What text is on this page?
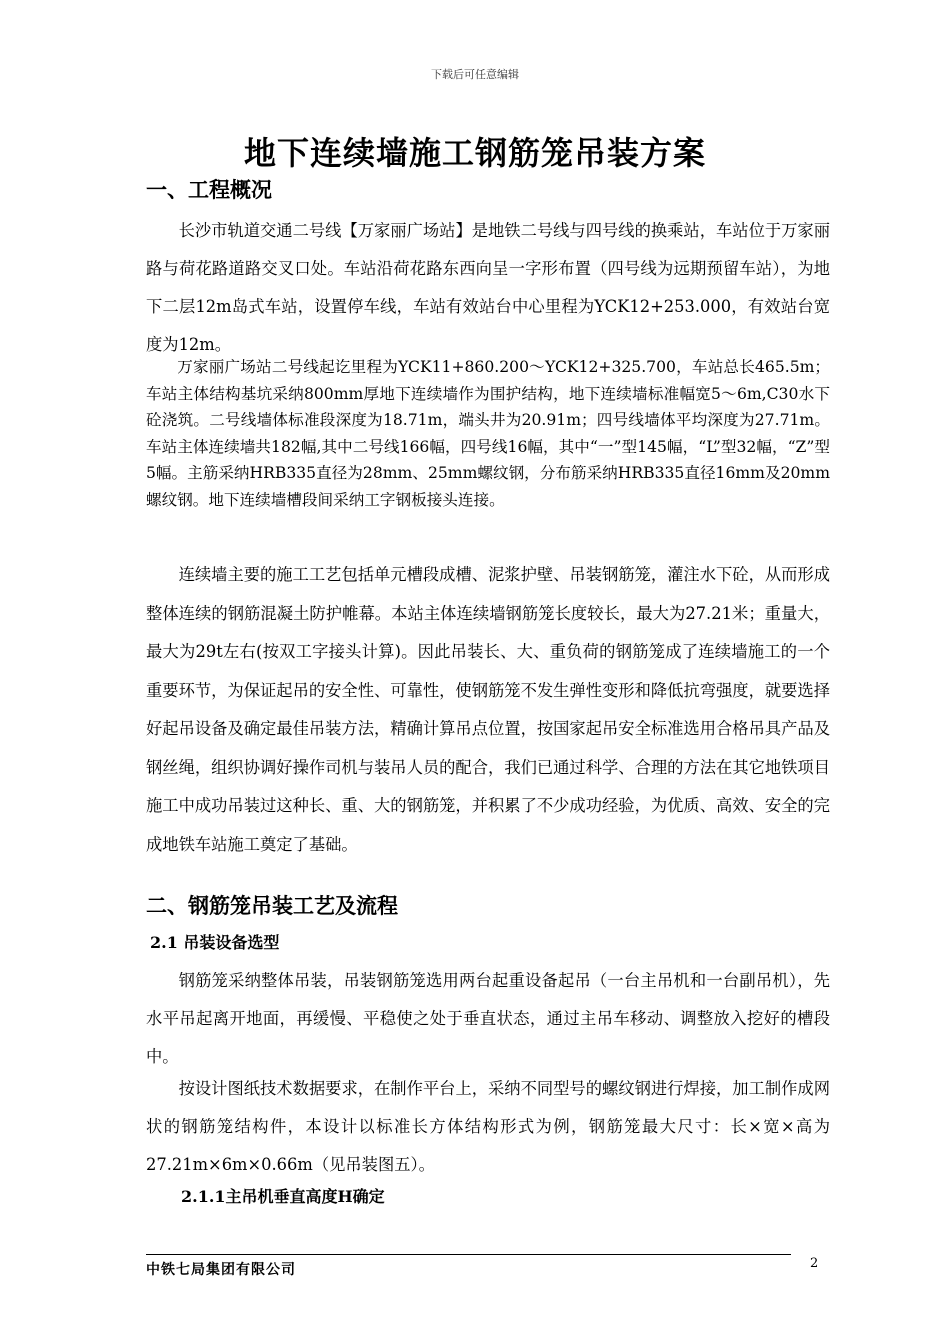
下载后可任意编辑
地下连续墙施工钢筋笼吊装方案
一、工程概况
长沙市轨道交通二号线【万家丽广场站】是地铁二号线与四号线的换乘站，车站位于万家丽路与荷花路道路交叉口处。车站沿荷花路东西向呈一字形布置（四号线为远期预留车站），为地下二层12m岛式车站，设置停车线，车站有效站台中心里程为YCK12+253.000，有效站台宽度为12m。
万家丽广场站二号线起讫里程为YCK11+860.200～YCK12+325.700，车站总长465.5m；车站主体结构基坑采纳800mm厚地下连续墙作为围护结构，地下连续墙标准幅宽5～6m,C30水下砼浇筑。二号线墙体标准段深度为18.71m，端头井为20.91m；四号线墙体平均深度为27.71m。车站主体连续墙共182幅,其中二号线166幅，四号线16幅，其中“一”型145幅，“L”型32幅，“Z”型5幅。主筋采纳HRB335直径为28mm、25mm螺纹钢，分布筋采纳HRB335直径16mm及20mm螺纹钢。地下连续墙槽段间采纳工字钢板接头连接。
连续墙主要的施工工艺包括单元槽段成槽、泥浆护壁、吊装钢筋笼，灌注水下砼，从而形成整体连续的钢筋混凝土防护帷幕。本站主体连续墙钢筋笼长度较长，最大为27.21米；重量大，最大为29t左右(按双工字接头计算)。因此吊装长、大、重负荷的钢筋笼成了连续墙施工的一个重要环节，为保证起吊的安全性、可靠性，使钢筋笼不发生弹性变形和降低抗弯强度，就要选择好起吊设备及确定最佳吊装方法，精确计算吊点位置，按国家起吊安全标准选用合格吊具产品及钢丝绳，组织协调好操作司机与装吊人员的配合，我们已通过科学、合理的方法在其它地铁项目施工中成功吊装过这种长、重、大的钢筋笼，并积累了不少成功经验，为优质、高效、安全的完成地铁车站施工奠定了基础。
二、钢筋笼吊装工艺及流程
2.1 吊装设备选型
钢筋笼采纳整体吊装，吊装钢筋笼选用两台起重设备起吊（一台主吊机和一台副吊机），先水平吊起离开地面，再缓慢、平稳使之处于垂直状态，通过主吊车移动、调整放入挖好的槽段中。
按设计图纸技术数据要求，在制作平台上，采纳不同型号的螺纹钢进行焊接，加工制作成网状的钢筋笼结构件，本设计以标准长方体结构形式为例，钢筋笼最大尺寸：长×宽×高为27.21m×6m×0.66m（见吊装图五）。
2.1.1主吊机垂直高度H确定
中铁七局集团有限公司	2
